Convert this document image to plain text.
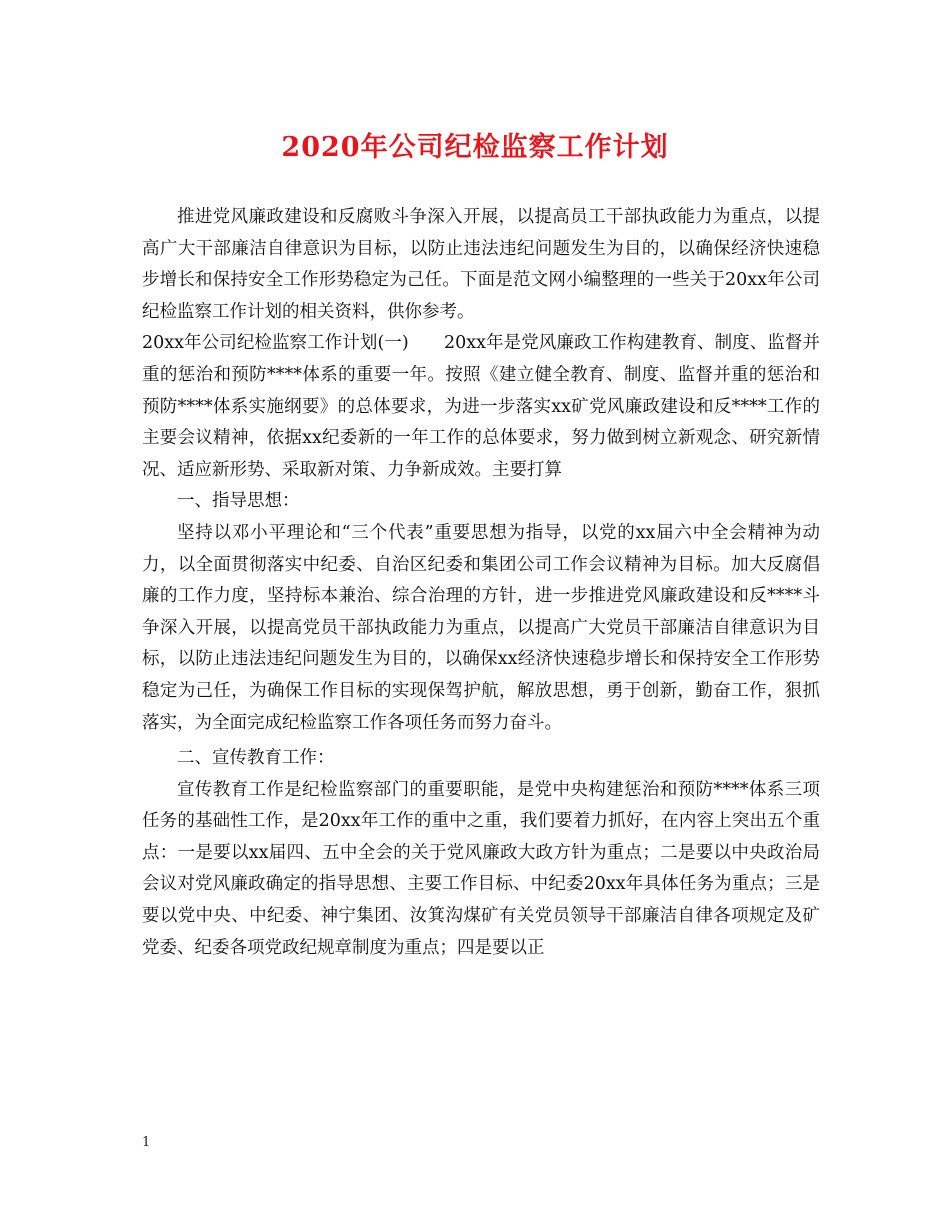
2020年公司纪检监察工作计划

推进党风廉政建设和反腐败斗争深入开展，以提高员工干部执政能力为重点，以提高广大干部廉洁自律意识为目标，以防止违法违纪问题发生为目的，以确保经济快速稳步增长和保持安全工作形势稳定为己任。下面是范文网小编整理的一些关于20xx年公司纪检监察工作计划的相关资料，供你参考。

20xx年公司纪检监察工作计划(一)　　20xx年是党风廉政工作构建教育、制度、监督并重的惩治和预防****体系的重要一年。按照《建立健全教育、制度、监督并重的惩治和预防****体系实施纲要》的总体要求，为进一步落实xx矿党风廉政建设和反****工作的主要会议精神，依据xx纪委新的一年工作的总体要求，努力做到树立新观念、研究新情况、适应新形势、采取新对策、力争新成效。主要打算

一、指导思想：

坚持以邓小平理论和“三个代表”重要思想为指导，以党的xx届六中全会精神为动力，以全面贯彻落实中纪委、自治区纪委和集团公司工作会议精神为目标。加大反腐倡廉的工作力度，坚持标本兼治、综合治理的方针，进一步推进党风廉政建设和反****斗争深入开展，以提高党员干部执政能力为重点，以提高广大党员干部廉洁自律意识为目标，以防止违法违纪问题发生为目的，以确保xx经济快速稳步增长和保持安全工作形势稳定为己任，为确保工作目标的实现保驾护航，解放思想，勇于创新，勤奋工作，狠抓落实，为全面完成纪检监察工作各项任务而努力奋斗。

二、宣传教育工作：

宣传教育工作是纪检监察部门的重要职能，是党中央构建惩治和预防****体系三项任务的基础性工作，是20xx年工作的重中之重，我们要着力抓好，在内容上突出五个重点：一是要以xx届四、五中全会的关于党风廉政大政方针为重点；二是要以中央政治局会议对党风廉政确定的指导思想、主要工作目标、中纪委20xx年具体任务为重点；三是要以党中央、中纪委、神宁集团、汝箕沟煤矿有关党员领导干部廉洁自律各项规定及矿党委、纪委各项党政纪规章制度为重点；四是要以正

1
